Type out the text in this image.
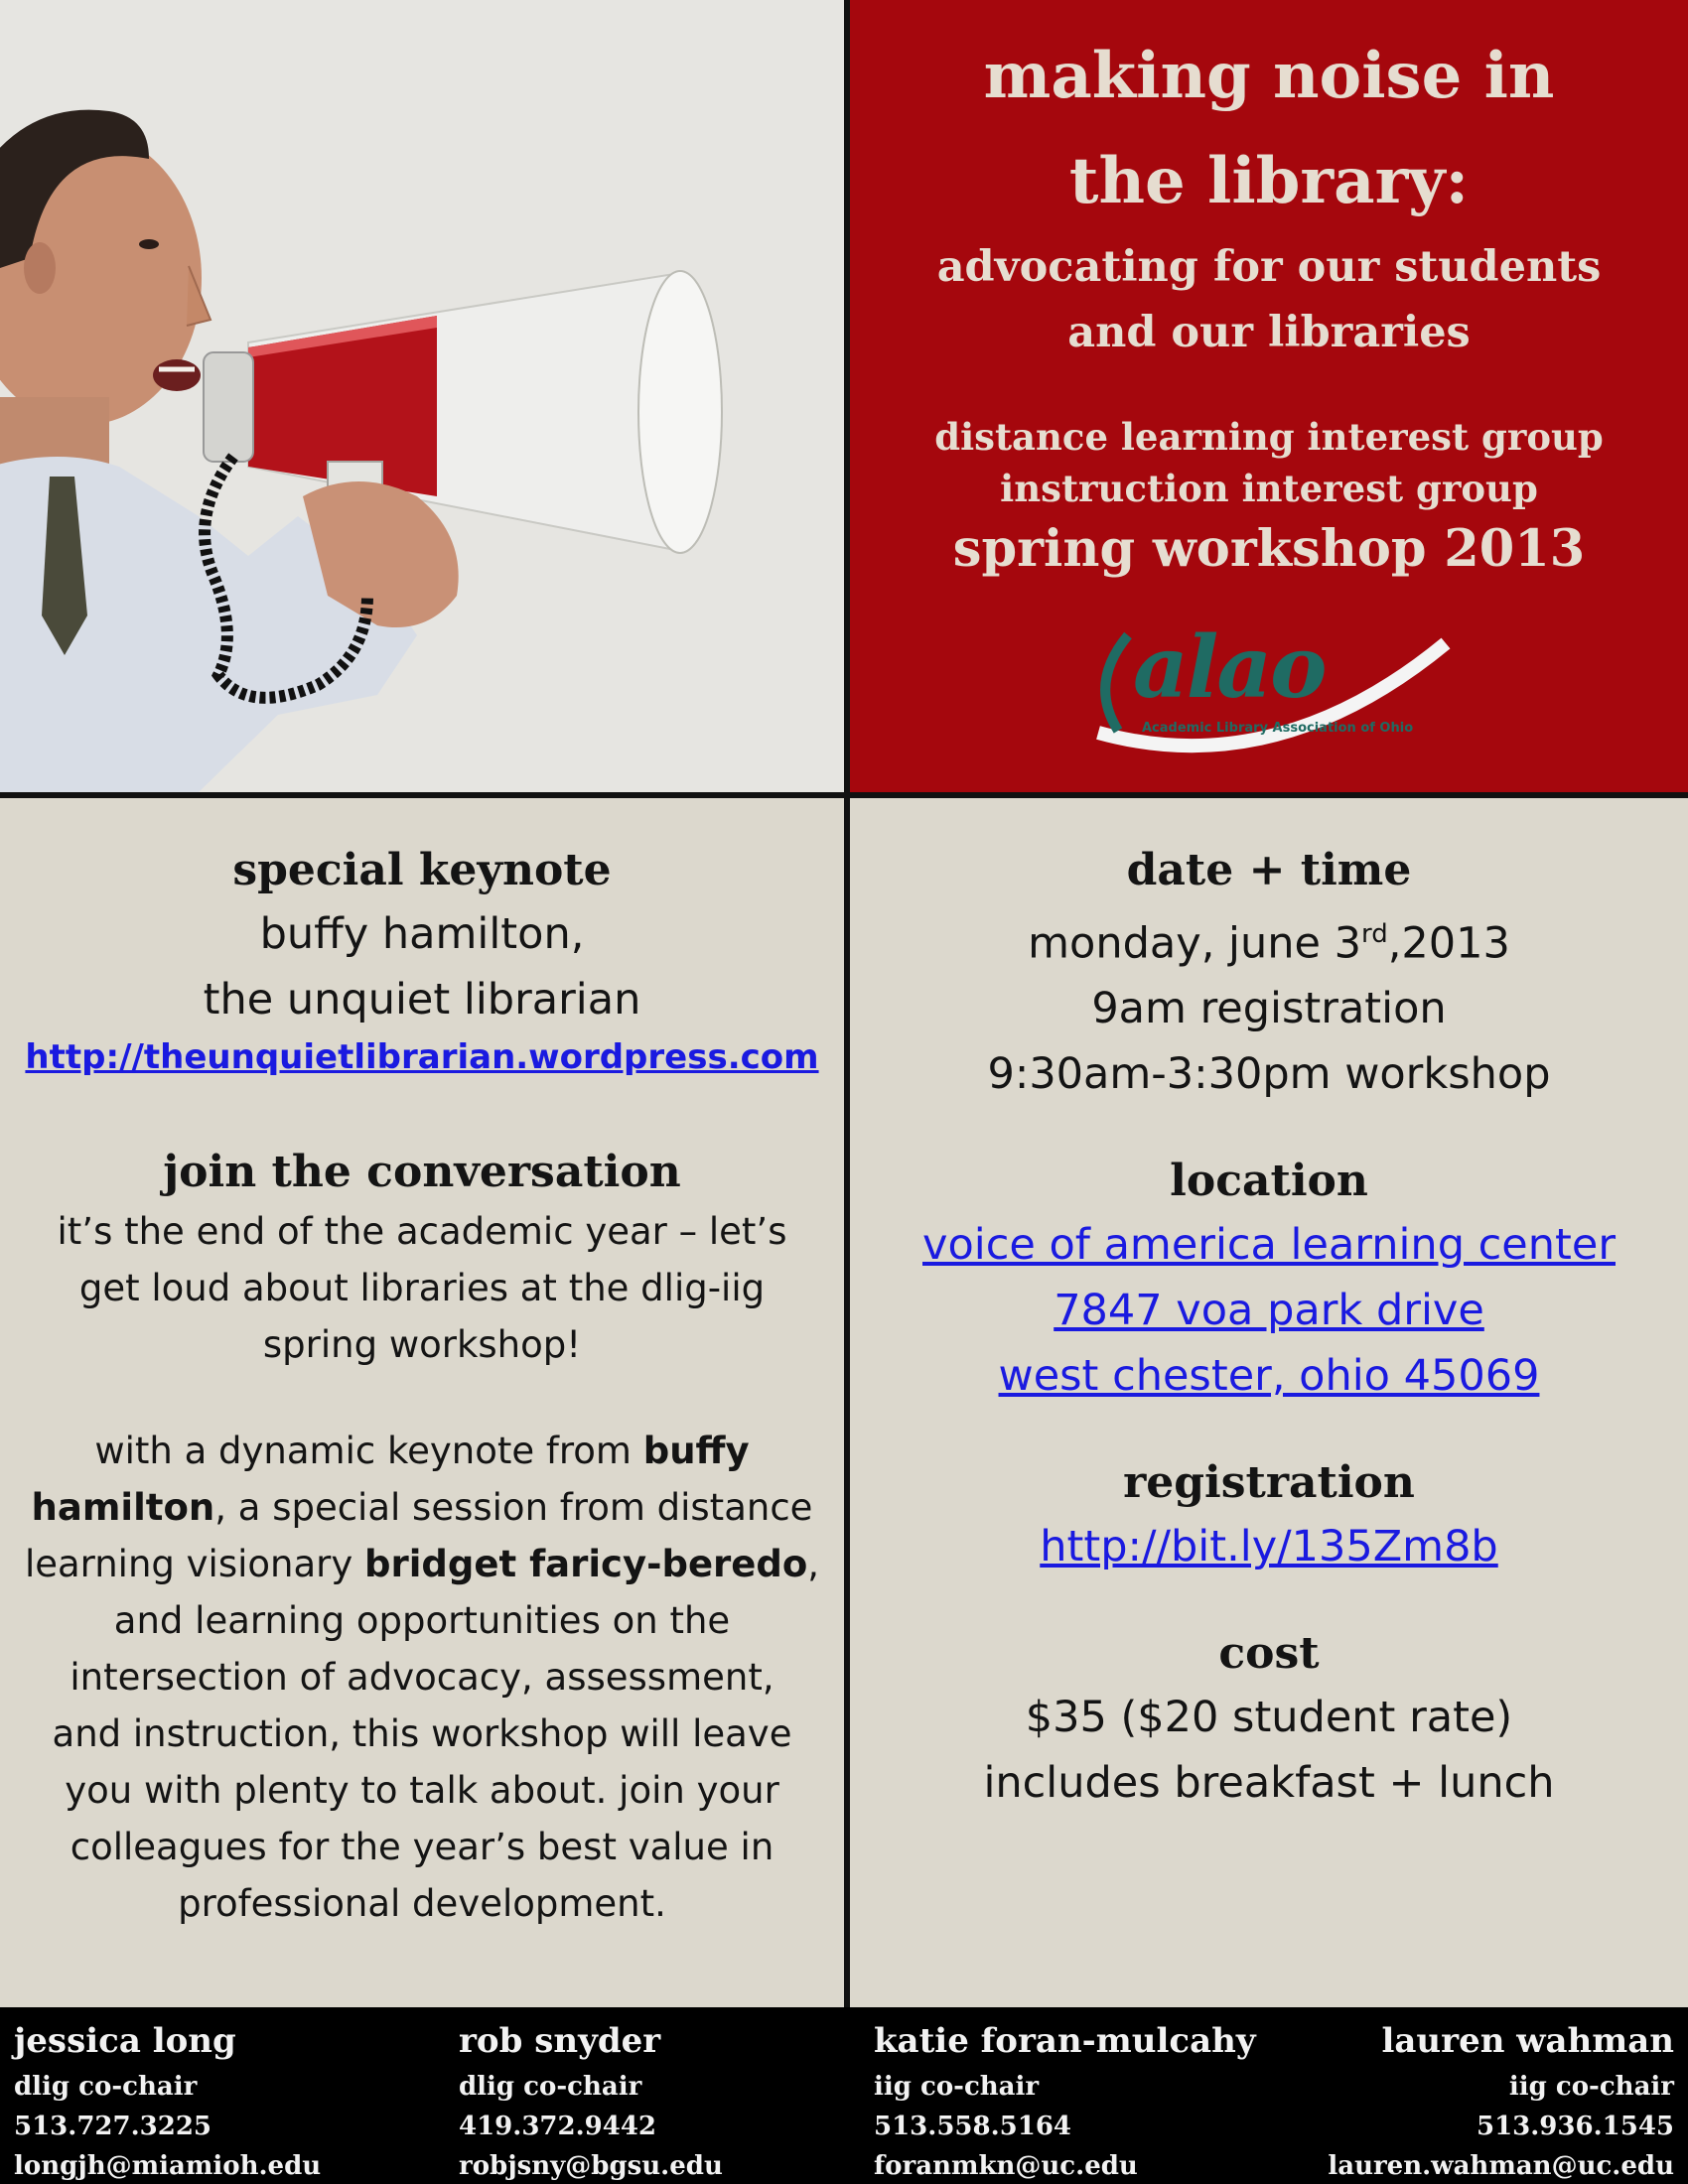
making noise in
the library:
advocating for our students
and our libraries
distance learning interest group
instruction interest group
spring workshop 2013
alao
Academic Library Association of Ohio
special keynote
buffy hamilton,
the unquiet librarian
http://theunquietlibrarian.wordpress.com
join the conversation
it’s the end of the academic year – let’s
get loud about libraries at the dlig-iig
spring workshop!
with a dynamic keynote from buffy
hamilton, a special session from distance
learning visionary bridget faricy-beredo,
and learning opportunities on the
intersection of advocacy, assessment,
and instruction, this workshop will leave
you with plenty to talk about. join your
colleagues for the year’s best value in
professional development.
date + time
monday, june 3rd,2013
9am registration
9:30am-3:30pm workshop
location
voice of america learning center
7847 voa park drive
west chester, ohio 45069
registration
http://bit.ly/135Zm8b
cost
$35 ($20 student rate)
includes breakfast + lunch
jessica long
dlig co-chair
513.727.3225
longjh@miamioh.edu
rob snyder
dlig co-chair
419.372.9442
robjsny@bgsu.edu
katie foran-mulcahy
iig co-chair
513.558.5164
foranmkn@uc.edu
lauren wahman
iig co-chair
513.936.1545
lauren.wahman@uc.edu
